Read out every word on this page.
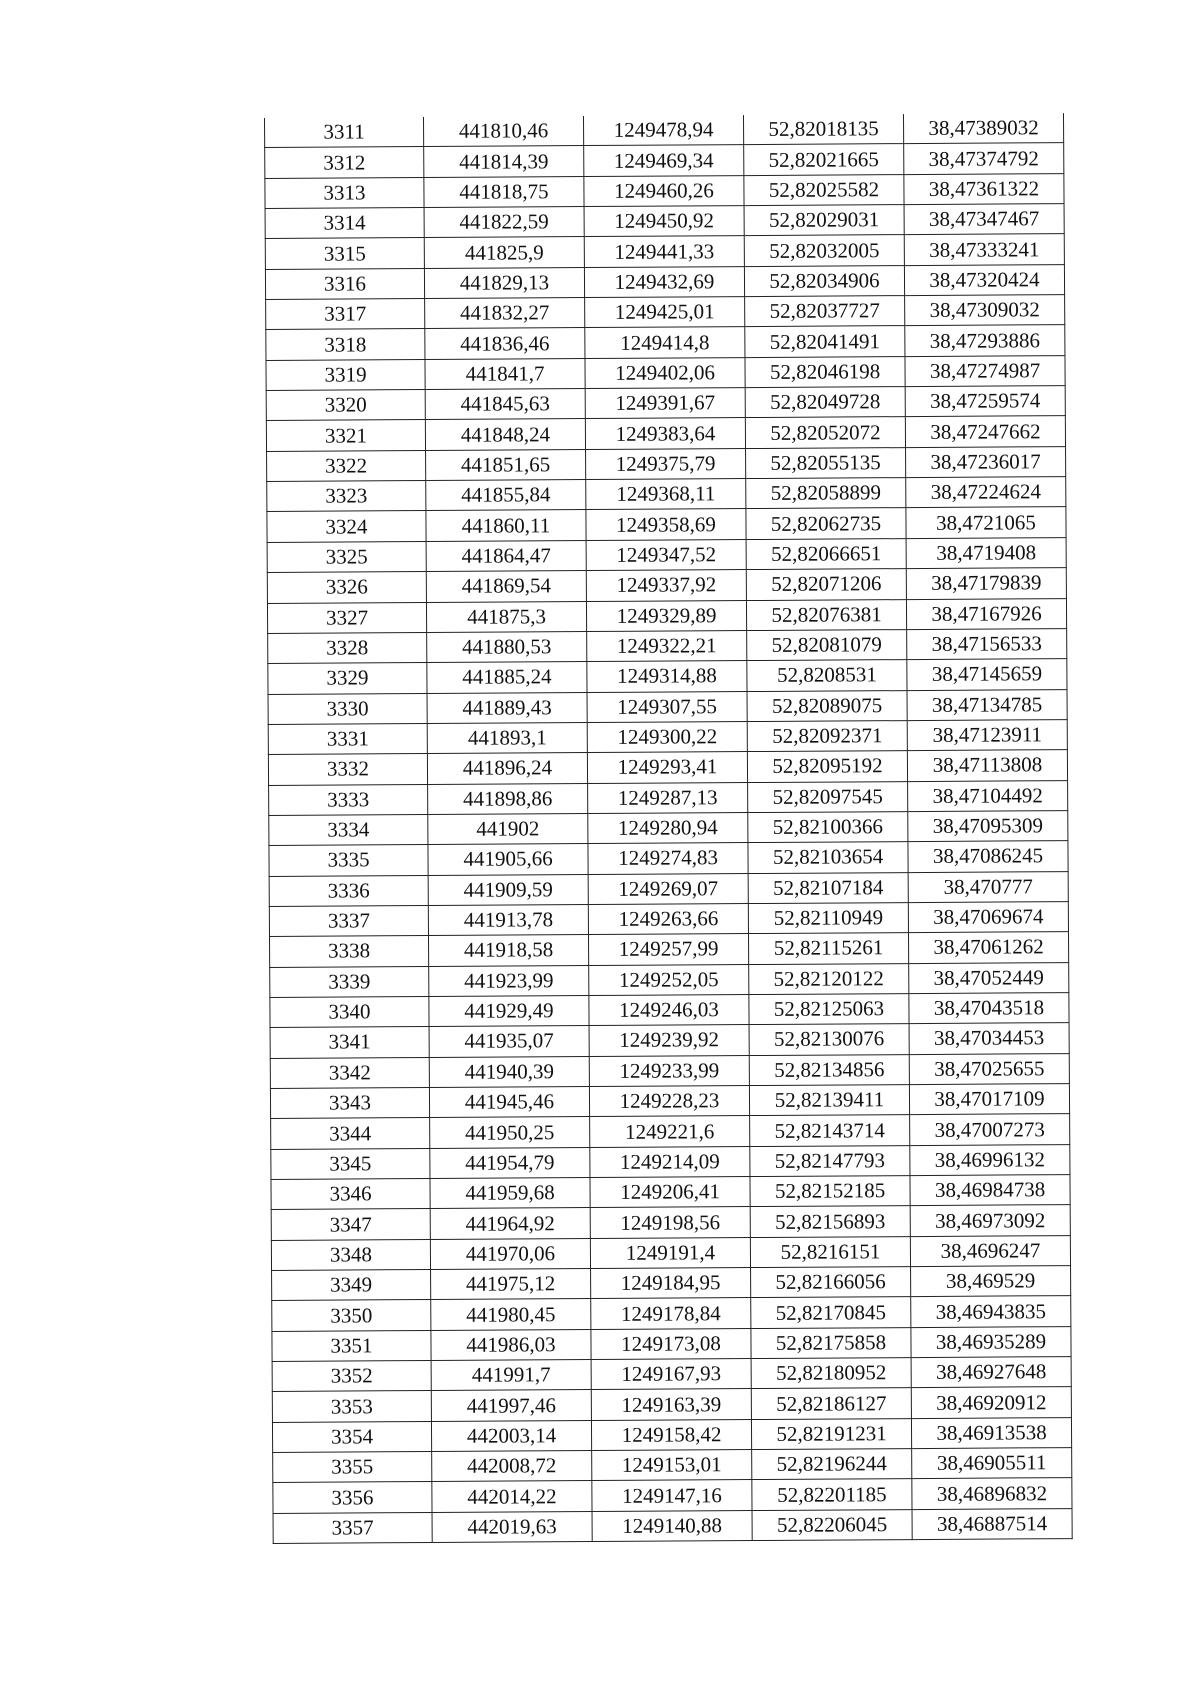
3311	441810,46	1249478,94	52,82018135	38,47389032
3312	441814,39	1249469,34	52,82021665	38,47374792
3313	441818,75	1249460,26	52,82025582	38,47361322
3314	441822,59	1249450,92	52,82029031	38,47347467
3315	441825,9	1249441,33	52,82032005	38,47333241
3316	441829,13	1249432,69	52,82034906	38,47320424
3317	441832,27	1249425,01	52,82037727	38,47309032
3318	441836,46	1249414,8	52,82041491	38,47293886
3319	441841,7	1249402,06	52,82046198	38,47274987
3320	441845,63	1249391,67	52,82049728	38,47259574
3321	441848,24	1249383,64	52,82052072	38,47247662
3322	441851,65	1249375,79	52,82055135	38,47236017
3323	441855,84	1249368,11	52,82058899	38,47224624
3324	441860,11	1249358,69	52,82062735	38,4721065
3325	441864,47	1249347,52	52,82066651	38,4719408
3326	441869,54	1249337,92	52,82071206	38,47179839
3327	441875,3	1249329,89	52,82076381	38,47167926
3328	441880,53	1249322,21	52,82081079	38,47156533
3329	441885,24	1249314,88	52,8208531	38,47145659
3330	441889,43	1249307,55	52,82089075	38,47134785
3331	441893,1	1249300,22	52,82092371	38,47123911
3332	441896,24	1249293,41	52,82095192	38,47113808
3333	441898,86	1249287,13	52,82097545	38,47104492
3334	441902	1249280,94	52,82100366	38,47095309
3335	441905,66	1249274,83	52,82103654	38,47086245
3336	441909,59	1249269,07	52,82107184	38,470777
3337	441913,78	1249263,66	52,82110949	38,47069674
3338	441918,58	1249257,99	52,82115261	38,47061262
3339	441923,99	1249252,05	52,82120122	38,47052449
3340	441929,49	1249246,03	52,82125063	38,47043518
3341	441935,07	1249239,92	52,82130076	38,47034453
3342	441940,39	1249233,99	52,82134856	38,47025655
3343	441945,46	1249228,23	52,82139411	38,47017109
3344	441950,25	1249221,6	52,82143714	38,47007273
3345	441954,79	1249214,09	52,82147793	38,46996132
3346	441959,68	1249206,41	52,82152185	38,46984738
3347	441964,92	1249198,56	52,82156893	38,46973092
3348	441970,06	1249191,4	52,8216151	38,4696247
3349	441975,12	1249184,95	52,82166056	38,469529
3350	441980,45	1249178,84	52,82170845	38,46943835
3351	441986,03	1249173,08	52,82175858	38,46935289
3352	441991,7	1249167,93	52,82180952	38,46927648
3353	441997,46	1249163,39	52,82186127	38,46920912
3354	442003,14	1249158,42	52,82191231	38,46913538
3355	442008,72	1249153,01	52,82196244	38,46905511
3356	442014,22	1249147,16	52,82201185	38,46896832
3357	442019,63	1249140,88	52,82206045	38,46887514
